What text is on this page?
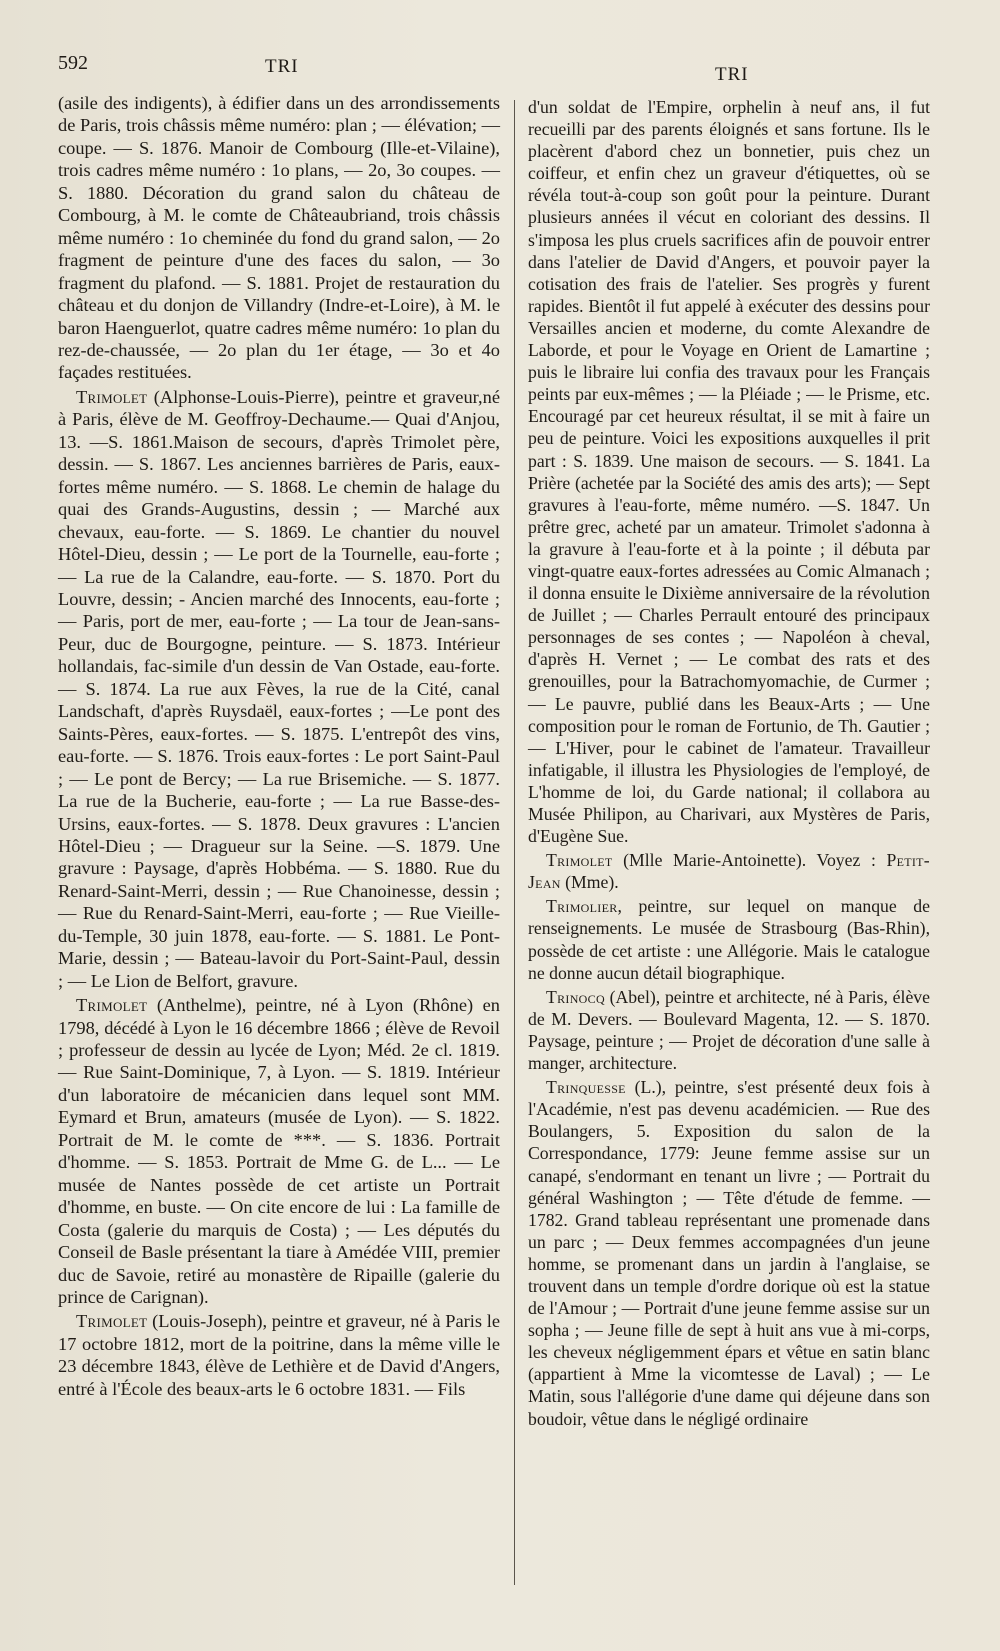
592	TRI	TRI

(asile des indigents), à édifier dans un des arrondissements de Paris, trois châssis même numéro: plan ; — élévation; — coupe. — S. 1876. Manoir de Combourg (Ille-et-Vilaine), trois cadres même numéro : 1o plans, — 2o, 3o coupes. — S. 1880. Décoration du grand salon du château de Combourg, à M. le comte de Châteaubriand, trois châssis même numéro : 1o cheminée du fond du grand salon, — 2o fragment de peinture d'une des faces du salon, — 3o fragment du plafond. — S. 1881. Projet de restauration du château et du donjon de Villandry (Indre-et-Loire), à M. le baron Haenguerlot, quatre cadres même numéro: 1o plan du rez-de-chaussée, — 2o plan du 1er étage, — 3o et 4o façades restituées.

Trimolet (Alphonse-Louis-Pierre), peintre et graveur,né à Paris, élève de M. Geoffroy-Dechaume.— Quai d'Anjou, 13. —S. 1861.Maison de secours, d'après Trimolet père, dessin. — S. 1867. Les anciennes barrières de Paris, eaux-fortes même numéro. — S. 1868. Le chemin de halage du quai des Grands-Augustins, dessin ; — Marché aux chevaux, eau-forte. — S. 1869. Le chantier du nouvel Hôtel-Dieu, dessin ; — Le port de la Tournelle, eau-forte ; — La rue de la Calandre, eau-forte. — S. 1870. Port du Louvre, dessin; - Ancien marché des Innocents, eau-forte ; — Paris, port de mer, eau-forte ; — La tour de Jean-sans-Peur, duc de Bourgogne, peinture. — S. 1873. Intérieur hollandais, fac-simile d'un dessin de Van Ostade, eau-forte. — S. 1874. La rue aux Fèves, la rue de la Cité, canal Landschaft, d'après Ruysdaël, eaux-fortes ; —Le pont des Saints-Pères, eaux-fortes. — S. 1875. L'entrepôt des vins, eau-forte. — S. 1876. Trois eaux-fortes : Le port Saint-Paul ; — Le pont de Bercy; — La rue Brisemiche. — S. 1877. La rue de la Bucherie, eau-forte ; — La rue Basse-des-Ursins, eaux-fortes. — S. 1878. Deux gravures : L'ancien Hôtel-Dieu ; — Dragueur sur la Seine. —S. 1879. Une gravure : Paysage, d'après Hobbéma. — S. 1880. Rue du Renard-Saint-Merri, dessin ; — Rue Chanoinesse, dessin ; — Rue du Renard-Saint-Merri, eau-forte ; — Rue Vieille-du-Temple, 30 juin 1878, eau-forte. — S. 1881. Le Pont-Marie, dessin ; — Bateau-lavoir du Port-Saint-Paul, dessin ; — Le Lion de Belfort, gravure.

Trimolet (Anthelme), peintre, né à Lyon (Rhône) en 1798, décédé à Lyon le 16 décembre 1866 ; élève de Revoil ; professeur de dessin au lycée de Lyon; Méd. 2e cl. 1819. — Rue Saint-Dominique, 7, à Lyon. — S. 1819. Intérieur d'un laboratoire de mécanicien dans lequel sont MM. Eymard et Brun, amateurs (musée de Lyon). — S. 1822. Portrait de M. le comte de ***. — S. 1836. Portrait d'homme. — S. 1853. Portrait de Mme G. de L... — Le musée de Nantes possède de cet artiste un Portrait d'homme, en buste. — On cite encore de lui : La famille de Costa (galerie du marquis de Costa) ; — Les députés du Conseil de Basle présentant la tiare à Amédée VIII, premier duc de Savoie, retiré au monastère de Ripaille (galerie du prince de Carignan).

Trimolet (Louis-Joseph), peintre et graveur, né à Paris le 17 octobre 1812, mort de la poitrine, dans la même ville le 23 décembre 1843, élève de Lethière et de David d'Angers, entré à l'École des beaux-arts le 6 octobre 1831. — Fils

d'un soldat de l'Empire, orphelin à neuf ans, il fut recueilli par des parents éloignés et sans fortune. Ils le placèrent d'abord chez un bonnetier, puis chez un coiffeur, et enfin chez un graveur d'étiquettes, où se révéla tout-à-coup son goût pour la peinture. Durant plusieurs années il vécut en coloriant des dessins. Il s'imposa les plus cruels sacrifices afin de pouvoir entrer dans l'atelier de David d'Angers, et pouvoir payer la cotisation des frais de l'atelier. Ses progrès y furent rapides. Bientôt il fut appelé à exécuter des dessins pour Versailles ancien et moderne, du comte Alexandre de Laborde, et pour le Voyage en Orient de Lamartine ; puis le libraire lui confia des travaux pour les Français peints par eux-mêmes ; — la Pléiade ; — le Prisme, etc. Encouragé par cet heureux résultat, il se mit à faire un peu de peinture. Voici les expositions auxquelles il prit part : S. 1839. Une maison de secours. — S. 1841. La Prière (achetée par la Société des amis des arts); — Sept gravures à l'eau-forte, même numéro. —S. 1847. Un prêtre grec, acheté par un amateur. Trimolet s'adonna à la gravure à l'eau-forte et à la pointe ; il débuta par vingt-quatre eaux-fortes adressées au Comic Almanach ; il donna ensuite le Dixième anniversaire de la révolution de Juillet ; — Charles Perrault entouré des principaux personnages de ses contes ; — Napoléon à cheval, d'après H. Vernet ; — Le combat des rats et des grenouilles, pour la Batrachomyomachie, de Curmer ; — Le pauvre, publié dans les Beaux-Arts ; — Une composition pour le roman de Fortunio, de Th. Gautier ; — L'Hiver, pour le cabinet de l'amateur. Travailleur infatigable, il illustra les Physiologies de l'employé, de L'homme de loi, du Garde national; il collabora au Musée Philipon, au Charivari, aux Mystères de Paris, d'Eugène Sue.

Trimolet (Mlle Marie-Antoinette). Voyez : Petit-Jean (Mme).

Trimolier, peintre, sur lequel on manque de renseignements. Le musée de Strasbourg (Bas-Rhin), possède de cet artiste : une Allégorie. Mais le catalogue ne donne aucun détail biographique.

Trinocq (Abel), peintre et architecte, né à Paris, élève de M. Devers. — Boulevard Magenta, 12. — S. 1870. Paysage, peinture ; — Projet de décoration d'une salle à manger, architecture.

Trinquesse (L.), peintre, s'est présenté deux fois à l'Académie, n'est pas devenu académicien. — Rue des Boulangers, 5. Exposition du salon de la Correspondance, 1779: Jeune femme assise sur un canapé, s'endormant en tenant un livre ; — Portrait du général Washington ; — Tête d'étude de femme. — 1782. Grand tableau représentant une promenade dans un parc ; — Deux femmes accompagnées d'un jeune homme, se promenant dans un jardin à l'anglaise, se trouvent dans un temple d'ordre dorique où est la statue de l'Amour ; — Portrait d'une jeune femme assise sur un sopha ; — Jeune fille de sept à huit ans vue à mi-corps, les cheveux négligemment épars et vêtue en satin blanc (appartient à Mme la vicomtesse de Laval) ; — Le Matin, sous l'allégorie d'une dame qui déjeune dans son boudoir, vêtue dans le négligé ordinaire
